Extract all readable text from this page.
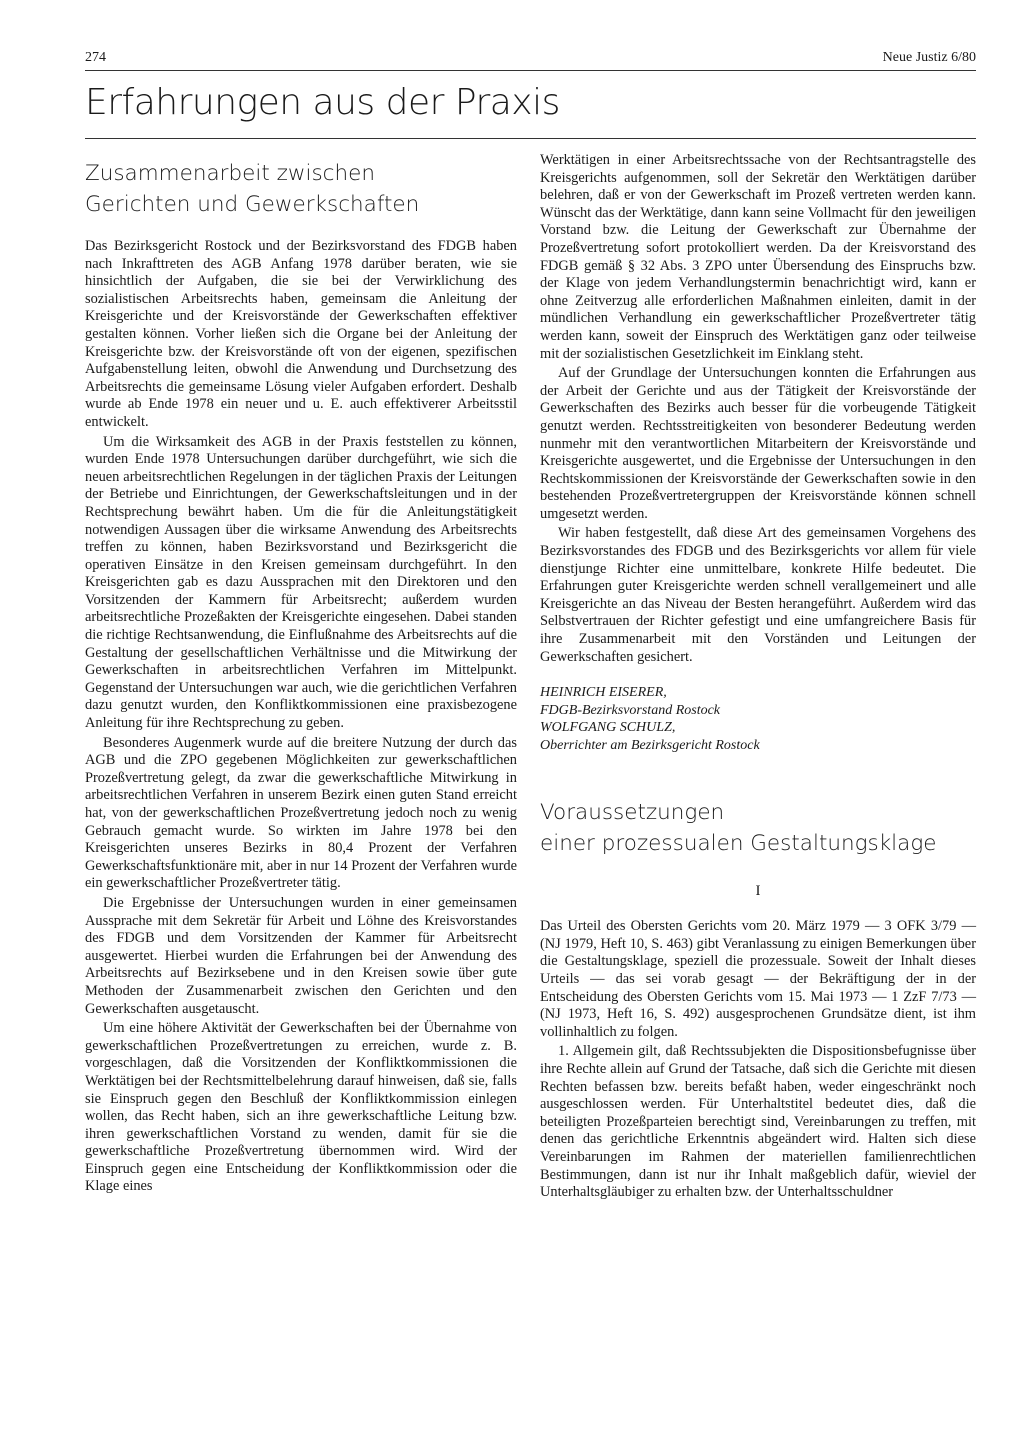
274	Neue Justiz 6/80
Erfahrungen aus der Praxis
Zusammenarbeit zwischen
Gerichten und Gewerkschaften

Das Bezirksgericht Rostock und der Bezirksvorstand des FDGB haben nach Inkrafttreten des AGB Anfang 1978 darüber beraten, wie sie hinsichtlich der Aufgaben, die sie bei der Verwirklichung des sozialistischen Arbeitsrechts haben, gemeinsam die Anleitung der Kreisgerichte und der Kreisvorstände der Gewerkschaften effektiver gestalten können. Vorher ließen sich die Organe bei der Anleitung der Kreisgerichte bzw. der Kreisvorstände oft von der eigenen, spezifischen Aufgabenstellung leiten, obwohl die Anwendung und Durchsetzung des Arbeitsrechts die gemeinsame Lösung vieler Aufgaben erfordert. Deshalb wurde ab Ende 1978 ein neuer und u. E. auch effektiverer Arbeitsstil entwickelt.

Um die Wirksamkeit des AGB in der Praxis feststellen zu können, wurden Ende 1978 Untersuchungen darüber durchgeführt, wie sich die neuen arbeitsrechtlichen Regelungen in der täglichen Praxis der Leitungen der Betriebe und Einrichtungen, der Gewerkschaftsleitungen und in der Rechtsprechung bewährt haben. Um die für die Anleitungstätigkeit notwendigen Aussagen über die wirksame Anwendung des Arbeitsrechts treffen zu können, haben Bezirksvorstand und Bezirksgericht die operativen Einsätze in den Kreisen gemeinsam durchgeführt. In den Kreisgerichten gab es dazu Aussprachen mit den Direktoren und den Vorsitzenden der Kammern für Arbeitsrecht; außerdem wurden arbeitsrechtliche Prozeßakten der Kreisgerichte eingesehen. Dabei standen die richtige Rechtsanwendung, die Einflußnahme des Arbeitsrechts auf die Gestaltung der gesellschaftlichen Verhältnisse und die Mitwirkung der Gewerkschaften in arbeitsrechtlichen Verfahren im Mittelpunkt. Gegenstand der Untersuchungen war auch, wie die gerichtlichen Verfahren dazu genutzt wurden, den Konfliktkommissionen eine praxisbezogene Anleitung für ihre Rechtsprechung zu geben.

Besonderes Augenmerk wurde auf die breitere Nutzung der durch das AGB und die ZPO gegebenen Möglichkeiten zur gewerkschaftlichen Prozeßvertretung gelegt, da zwar die gewerkschaftliche Mitwirkung in arbeitsrechtlichen Verfahren in unserem Bezirk einen guten Stand erreicht hat, von der gewerkschaftlichen Prozeßvertretung jedoch noch zu wenig Gebrauch gemacht wurde. So wirkten im Jahre 1978 bei den Kreisgerichten unseres Bezirks in 80,4 Prozent der Verfahren Gewerkschaftsfunktionäre mit, aber in nur 14 Prozent der Verfahren wurde ein gewerkschaftlicher Prozeßvertreter tätig.

Die Ergebnisse der Untersuchungen wurden in einer gemeinsamen Aussprache mit dem Sekretär für Arbeit und Löhne des Kreisvorstandes des FDGB und dem Vorsitzenden der Kammer für Arbeitsrecht ausgewertet. Hierbei wurden die Erfahrungen bei der Anwendung des Arbeitsrechts auf Bezirksebene und in den Kreisen sowie über gute Methoden der Zusammenarbeit zwischen den Gerichten und den Gewerkschaften ausgetauscht.

Um eine höhere Aktivität der Gewerkschaften bei der Übernahme von gewerkschaftlichen Prozeßvertretungen zu erreichen, wurde z. B. vorgeschlagen, daß die Vorsitzenden der Konfliktkommissionen die Werktätigen bei der Rechtsmittelbelehrung darauf hinweisen, daß sie, falls sie Einspruch gegen den Beschluß der Konfliktkommission einlegen wollen, das Recht haben, sich an ihre gewerkschaftliche Leitung bzw. ihren gewerkschaftlichen Vorstand zu wenden, damit für sie die gewerkschaftliche Prozeßvertretung übernommen wird. Wird der Einspruch gegen eine Entscheidung der Konfliktkommission oder die Klage eines

Werktätigen in einer Arbeitsrechtssache von der Rechtsantragstelle des Kreisgerichts aufgenommen, soll der Sekretär den Werktätigen darüber belehren, daß er von der Gewerkschaft im Prozeß vertreten werden kann. Wünscht das der Werktätige, dann kann seine Vollmacht für den jeweiligen Vorstand bzw. die Leitung der Gewerkschaft zur Übernahme der Prozeßvertretung sofort protokolliert werden. Da der Kreisvorstand des FDGB gemäß § 32 Abs. 3 ZPO unter Übersendung des Einspruchs bzw. der Klage von jedem Verhandlungstermin benachrichtigt wird, kann er ohne Zeitverzug alle erforderlichen Maßnahmen einleiten, damit in der mündlichen Verhandlung ein gewerkschaftlicher Prozeßvertreter tätig werden kann, soweit der Einspruch des Werktätigen ganz oder teilweise mit der sozialistischen Gesetzlichkeit im Einklang steht.

Auf der Grundlage der Untersuchungen konnten die Erfahrungen aus der Arbeit der Gerichte und aus der Tätigkeit der Kreisvorstände der Gewerkschaften des Bezirks auch besser für die vorbeugende Tätigkeit genutzt werden. Rechtsstreitigkeiten von besonderer Bedeutung werden nunmehr mit den verantwortlichen Mitarbeitern der Kreisvorstände und Kreisgerichte ausgewertet, und die Ergebnisse der Untersuchungen in den Rechtskommissionen der Kreisvorstände der Gewerkschaften sowie in den bestehenden Prozeßvertretergruppen der Kreisvorstände können schnell umgesetzt werden.

Wir haben festgestellt, daß diese Art des gemeinsamen Vorgehens des Bezirksvorstandes des FDGB und des Bezirksgerichts vor allem für viele dienstjunge Richter eine unmittelbare, konkrete Hilfe bedeutet. Die Erfahrungen guter Kreisgerichte werden schnell verallgemeinert und alle Kreisgerichte an das Niveau der Besten herangeführt. Außerdem wird das Selbstvertrauen der Richter gefestigt und eine umfangreichere Basis für ihre Zusammenarbeit mit den Vorständen und Leitungen der Gewerkschaften gesichert.

HEINRICH EISERER,
FDGB-Bezirksvorstand Rostock
WOLFGANG SCHULZ,
Oberrichter am Bezirksgericht Rostock
Voraussetzungen
einer prozessualen Gestaltungsklage
I

Das Urteil des Obersten Gerichts vom 20. März 1979 — 3 OFK 3/79 — (NJ 1979, Heft 10, S. 463) gibt Veranlassung zu einigen Bemerkungen über die Gestaltungsklage, speziell die prozessuale. Soweit der Inhalt dieses Urteils — das sei vorab gesagt — der Bekräftigung der in der Entscheidung des Obersten Gerichts vom 15. Mai 1973 — 1 ZzF 7/73 — (NJ 1973, Heft 16, S. 492) ausgesprochenen Grundsätze dient, ist ihm vollinhaltlich zu folgen.

1. Allgemein gilt, daß Rechtssubjekten die Dispositionsbefugnisse über ihre Rechte allein auf Grund der Tatsache, daß sich die Gerichte mit diesen Rechten befassen bzw. bereits befaßt haben, weder eingeschränkt noch ausgeschlossen werden. Für Unterhaltstitel bedeutet dies, daß die beteiligten Prozeßparteien berechtigt sind, Vereinbarungen zu treffen, mit denen das gerichtliche Erkenntnis abgeändert wird. Halten sich diese Vereinbarungen im Rahmen der materiellen familienrechtlichen Bestimmungen, dann ist nur ihr Inhalt maßgeblich dafür, wieviel der Unterhaltsgläubiger zu erhalten bzw. der Unterhaltsschuldner
